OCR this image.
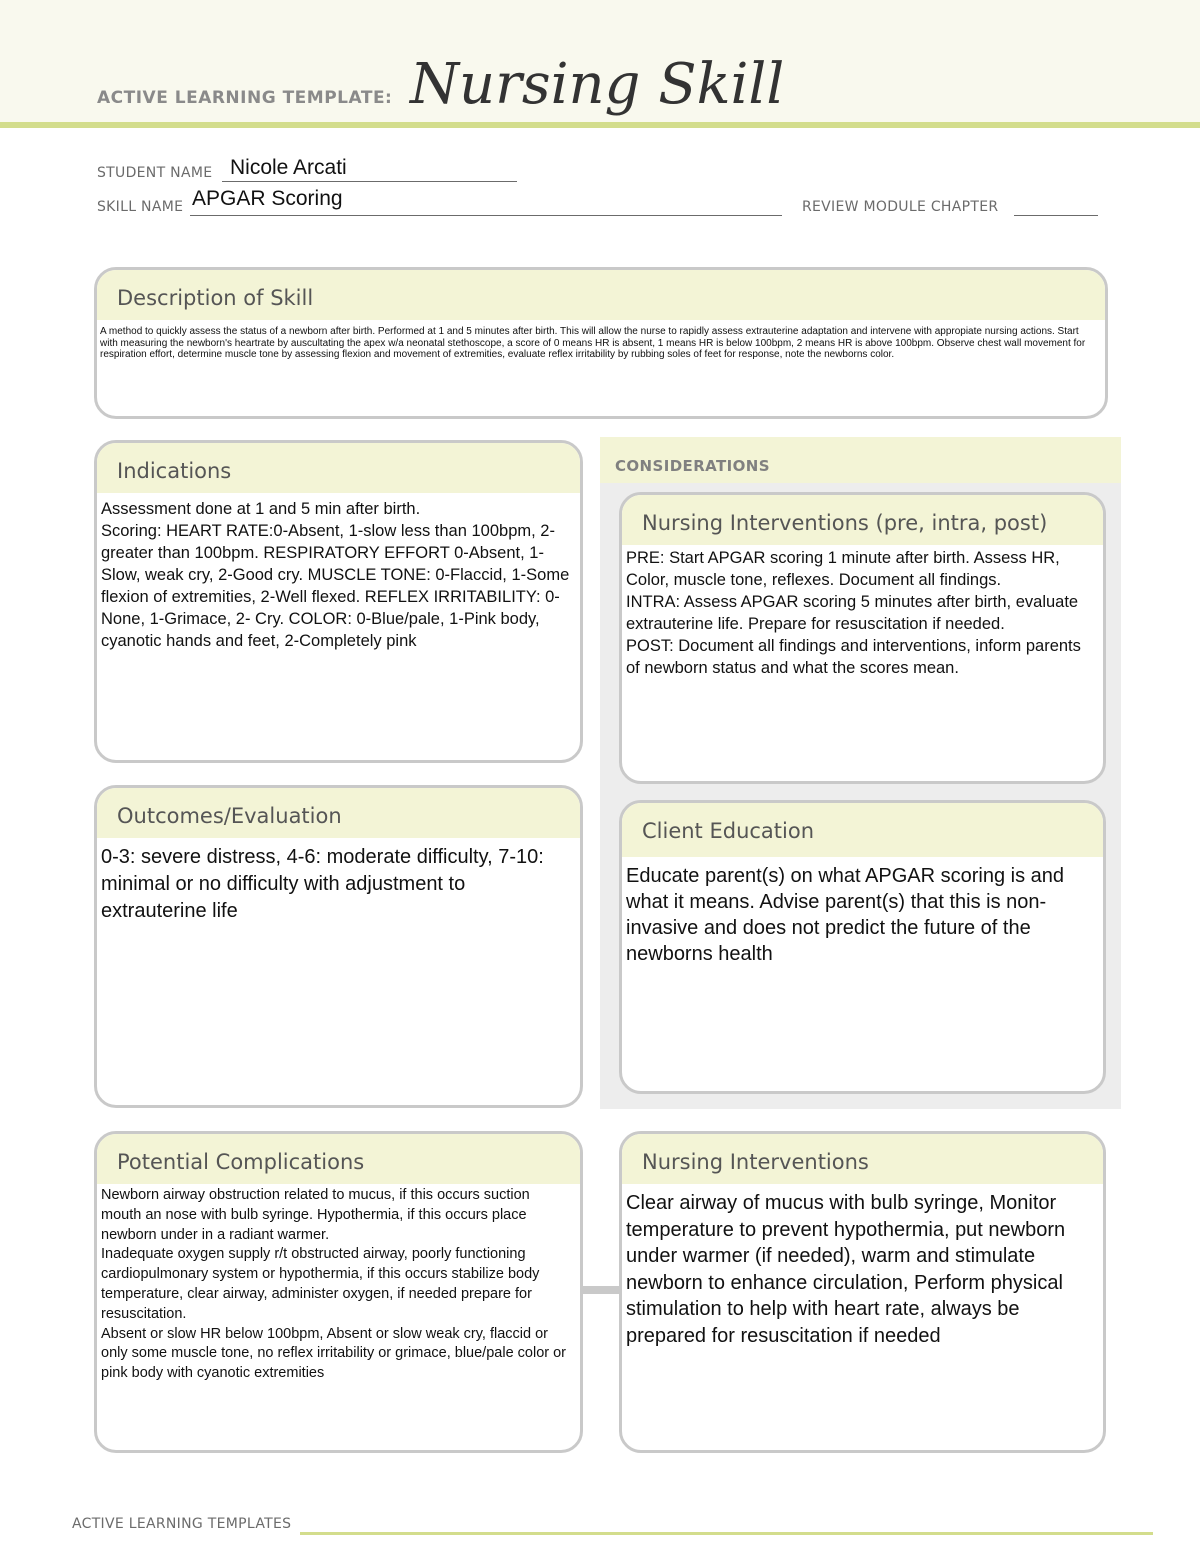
ACTIVE LEARNING TEMPLATE: Nursing Skill
STUDENT NAME Nicole Arcati
SKILL NAME APGAR Scoring	REVIEW MODULE CHAPTER
Description of Skill
A method to quickly assess the status of a newborn after birth. Performed at 1 and 5 minutes after birth. This will allow the nurse to rapidly assess extrauterine adaptation and intervene with appropiate nursing actions. Start with measuring the newborn's heartrate by auscultating the apex w/a neonatal stethoscope, a score of 0 means HR is absent, 1 means HR is below 100bpm, 2 means HR is above 100bpm. Observe chest wall movement for respiration effort, determine muscle tone by assessing flexion and movement of extremities, evaluate reflex irritability by rubbing soles of feet for response, note the newborns color.
CONSIDERATIONS
Indications
Assessment done at 1 and 5 min after birth.
Scoring: HEART RATE:0-Absent, 1-slow less than 100bpm, 2-greater than 100bpm. RESPIRATORY EFFORT 0-Absent, 1-Slow, weak cry, 2-Good cry. MUSCLE TONE: 0-Flaccid, 1-Some flexion of extremities, 2-Well flexed. REFLEX IRRITABILITY: 0-None, 1-Grimace, 2- Cry. COLOR: 0-Blue/pale, 1-Pink body, cyanotic hands and feet, 2-Completely pink
Nursing Interventions (pre, intra, post)
PRE: Start APGAR scoring 1 minute after birth. Assess HR, Color, muscle tone, reflexes. Document all findings.
INTRA: Assess APGAR scoring 5 minutes after birth, evaluate extrauterine life. Prepare for resuscitation if needed.
POST: Document all findings and interventions, inform parents of newborn status and what the scores mean.
Outcomes/Evaluation
0-3: severe distress, 4-6: moderate difficulty, 7-10: minimal or no difficulty with adjustment to extrauterine life
Client Education
Educate parent(s) on what APGAR scoring is and what it means. Advise parent(s) that this is non-invasive and does not predict the future of the newborns health
Potential Complications
Newborn airway obstruction related to mucus, if this occurs suction mouth an nose with bulb syringe. Hypothermia, if this occurs place newborn under in a radiant warmer.
Inadequate oxygen supply r/t obstructed airway, poorly functioning cardiopulmonary system or hypothermia, if this occurs stabilize body temperature, clear airway, administer oxygen, if needed prepare for resuscitation.
Absent or slow HR below 100bpm, Absent or slow weak cry, flaccid or only some muscle tone, no reflex irritability or grimace, blue/pale color or pink body with cyanotic extremities
Nursing Interventions
Clear airway of mucus with bulb syringe, Monitor temperature to prevent hypothermia, put newborn under warmer (if needed), warm and stimulate newborn to enhance circulation, Perform physical stimulation to help with heart rate, always be prepared for resuscitation if needed
ACTIVE LEARNING TEMPLATES
